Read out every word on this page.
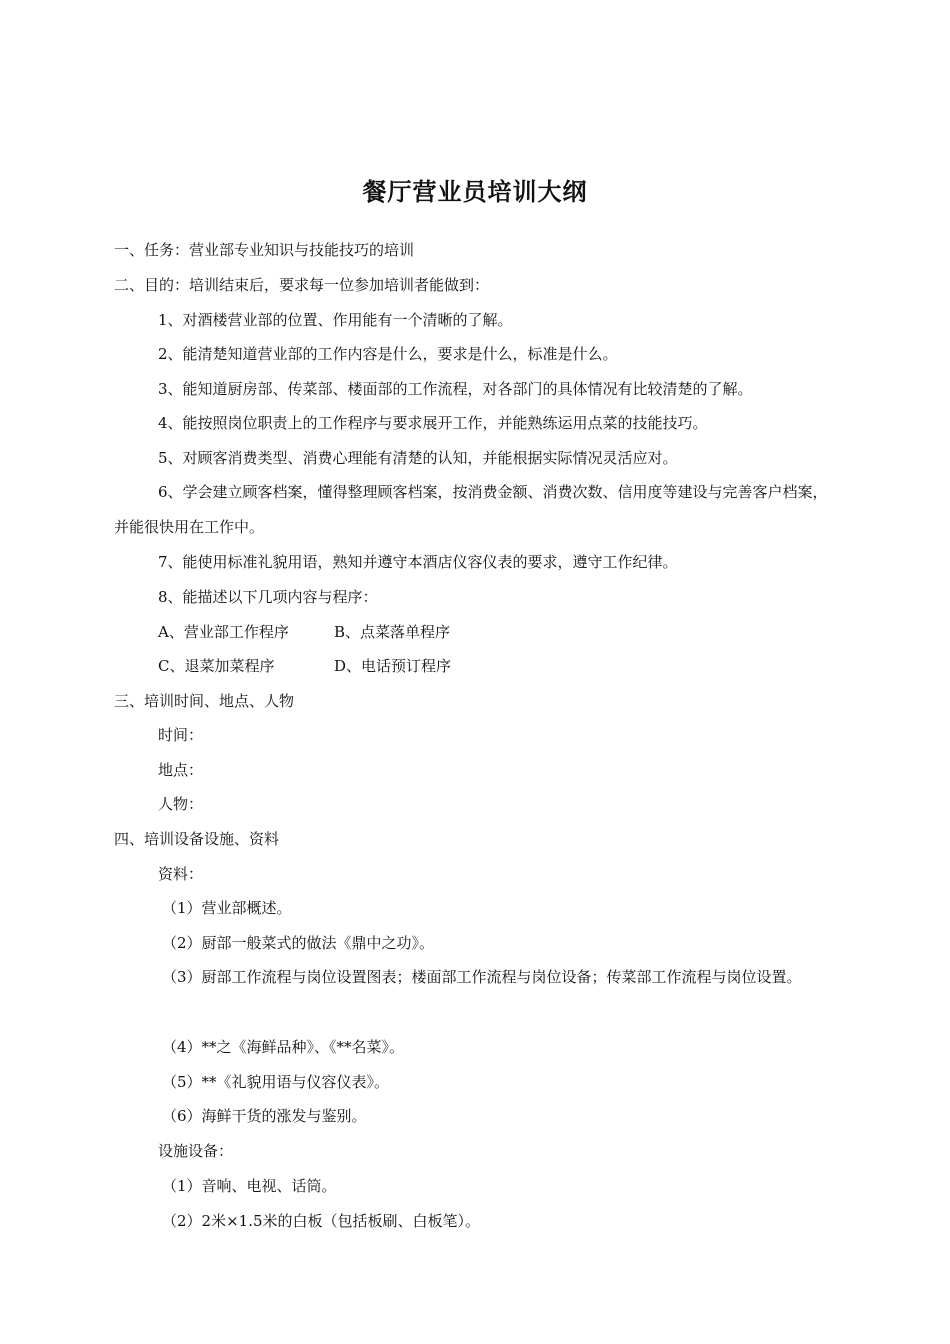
餐厅营业员培训大纲
一、任务：营业部专业知识与技能技巧的培训
二、目的：培训结束后，要求每一位参加培训者能做到：
1、对酒楼营业部的位置、作用能有一个清晰的了解。
2、能清楚知道营业部的工作内容是什么，要求是什么，标准是什么。
3、能知道厨房部、传菜部、楼面部的工作流程，对各部门的具体情况有比较清楚的了解。
4、能按照岗位职责上的工作程序与要求展开工作，并能熟练运用点菜的技能技巧。
5、对顾客消费类型、消费心理能有清楚的认知，并能根据实际情况灵活应对。
6、学会建立顾客档案，懂得整理顾客档案，按消费金额、消费次数、信用度等建设与完善客户档案，并能很快用在工作中。
7、能使用标准礼貌用语，熟知并遵守本酒店仪容仪表的要求，遵守工作纪律。
8、能描述以下几项内容与程序：
A、营业部工作程序	B、点菜落单程序
C、退菜加菜程序	D、电话预订程序
三、培训时间、地点、人物
时间：
地点：
人物：
四、培训设备设施、资料
资料：
（1）营业部概述。
（2）厨部一般菜式的做法《鼎中之功》。
（3）厨部工作流程与岗位设置图表；楼面部工作流程与岗位设备；传菜部工作流程与岗位设置。
（4）**之《海鲜品种》、《**名菜》。
（5）**《礼貌用语与仪容仪表》。
（6）海鲜干货的涨发与鉴别。
设施设备：
（1）音响、电视、话筒。
（2）2米×1.5米的白板（包括板刷、白板笔）。
